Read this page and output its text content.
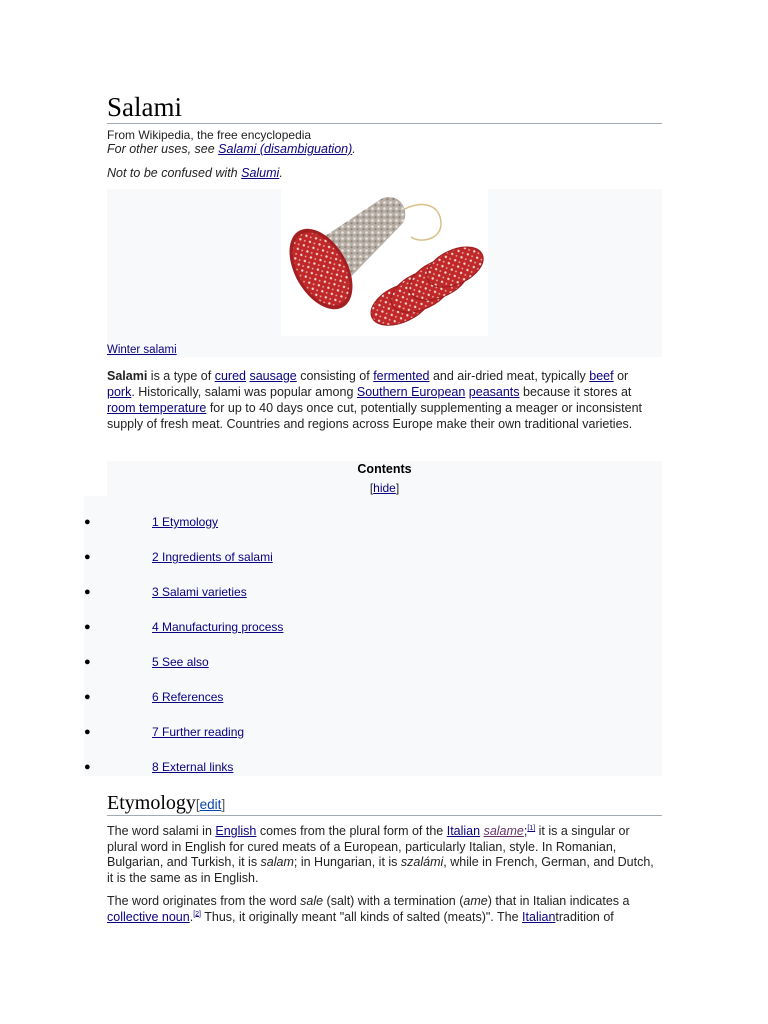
Salami
From Wikipedia, the free encyclopedia
For other uses, see Salami (disambiguation).
Not to be confused with Salumi.
Winter salami
Salami is a type of cured sausage consisting of fermented and air-dried meat, typically beef or pork. Historically, salami was popular among Southern European peasants because it stores at room temperature for up to 40 days once cut, potentially supplementing a meager or inconsistent supply of fresh meat. Countries and regions across Europe make their own traditional varieties.
Contents
[hide]
●	1 Etymology
●	2 Ingredients of salami
●	3 Salami varieties
●	4 Manufacturing process
●	5 See also
●	6 References
●	7 Further reading
●	8 External links
Etymology[edit]
The word salami in English comes from the plural form of the Italian salame;[1] it is a singular or plural word in English for cured meats of a European, particularly Italian, style. In Romanian, Bulgarian, and Turkish, it is salam; in Hungarian, it is szalámi, while in French, German, and Dutch, it is the same as in English.
The word originates from the word sale (salt) with a termination (ame) that in Italian indicates a collective noun.[2] Thus, it originally meant "all kinds of salted (meats)". The Italiantradition of
